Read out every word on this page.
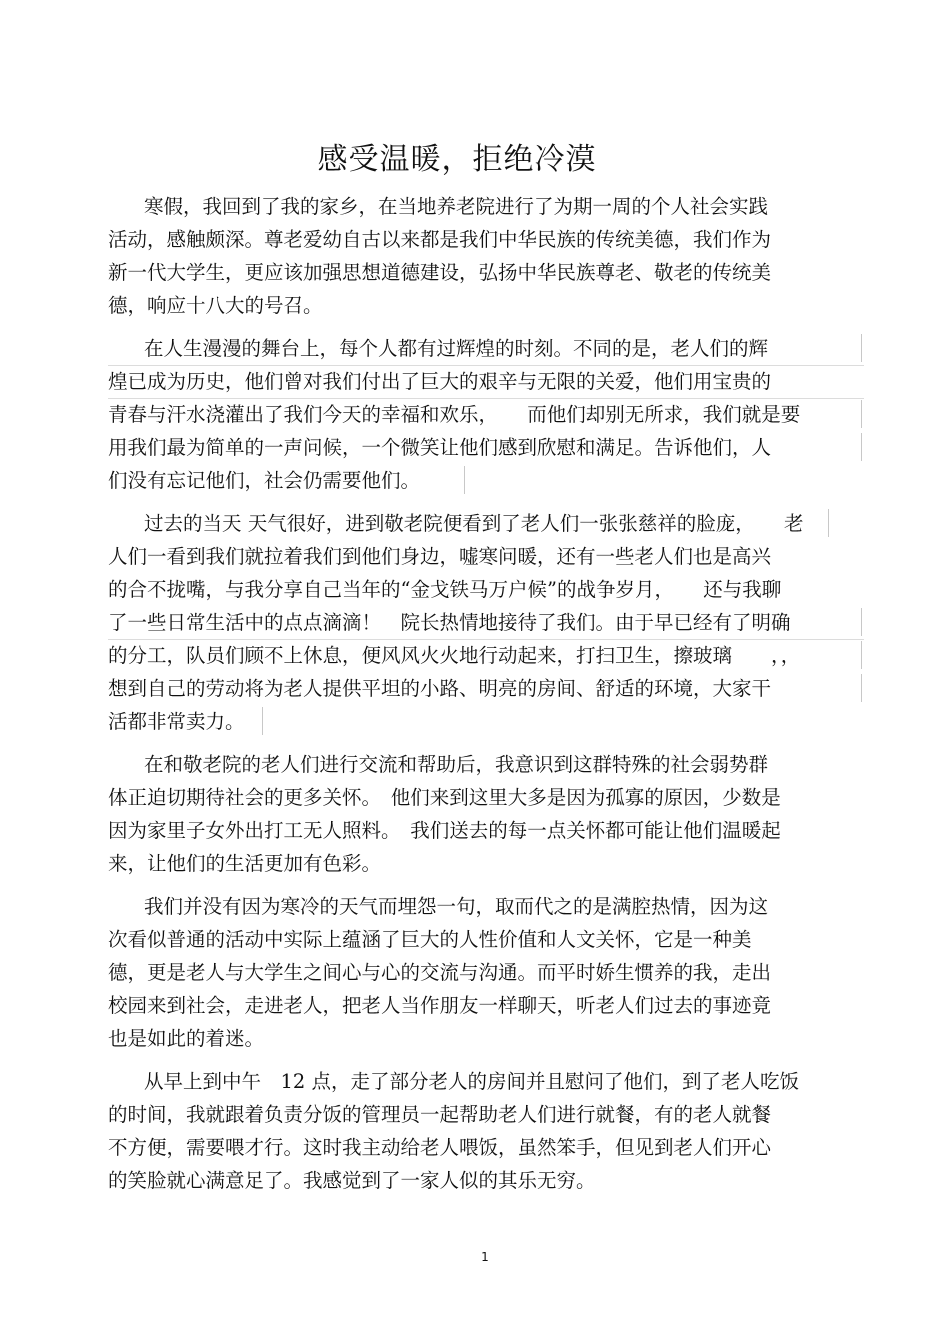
感受温暖，拒绝冷漠
寒假，我回到了我的家乡，在当地养老院进行了为期一周的个人社会实践
活动，感触颇深。尊老爱幼自古以来都是我们中华民族的传统美德，我们作为
新一代大学生，更应该加强思想道德建设，弘扬中华民族尊老、敬老的传统美
德，响应十八大的号召。
在人生漫漫的舞台上，每个人都有过辉煌的时刻。不同的是，老人们的辉
煌已成为历史，他们曾对我们付出了巨大的艰辛与无限的关爱，他们用宝贵的
青春与汗水浇灌出了我们今天的幸福和欢乐，　　而他们却别无所求，我们就是要
用我们最为简单的一声问候，一个微笑让他们感到欣慰和满足。告诉他们，人
们没有忘记他们，社会仍需要他们。
过去的当天 天气很好，进到敬老院便看到了老人们一张张慈祥的脸庞，　　老
人们一看到我们就拉着我们到他们身边，嘘寒问暖，还有一些老人们也是高兴
的合不拢嘴，与我分享自己当年的“金戈铁马万户候”的战争岁月，　　还与我聊
了一些日常生活中的点点滴滴！　院长热情地接待了我们。由于早已经有了明确
的分工，队员们顾不上休息，便风风火火地行动起来，打扫卫生，擦玻璃　　，，
想到自己的劳动将为老人提供平坦的小路、明亮的房间、舒适的环境，大家干
活都非常卖力。
在和敬老院的老人们进行交流和帮助后，我意识到这群特殊的社会弱势群
体正迫切期待社会的更多关怀。　他们来到这里大多是因为孤寡的原因，少数是
因为家里子女外出打工无人照料。　我们送去的每一点关怀都可能让他们温暖起
来，让他们的生活更加有色彩。
我们并没有因为寒冷的天气而埋怨一句，取而代之的是满腔热情，因为这
次看似普通的活动中实际上蕴涵了巨大的人性价值和人文关怀，它是一种美
德，更是老人与大学生之间心与心的交流与沟通。而平时娇生惯养的我，走出
校园来到社会，走进老人，把老人当作朋友一样聊天，听老人们过去的事迹竟
也是如此的着迷。
从早上到中午　12 点，走了部分老人的房间并且慰问了他们，到了老人吃饭
的时间，我就跟着负责分饭的管理员一起帮助老人们进行就餐，有的老人就餐
不方便，需要喂才行。这时我主动给老人喂饭，虽然笨手，但见到老人们开心
的笑脸就心满意足了。我感觉到了一家人似的其乐无穷。
1
